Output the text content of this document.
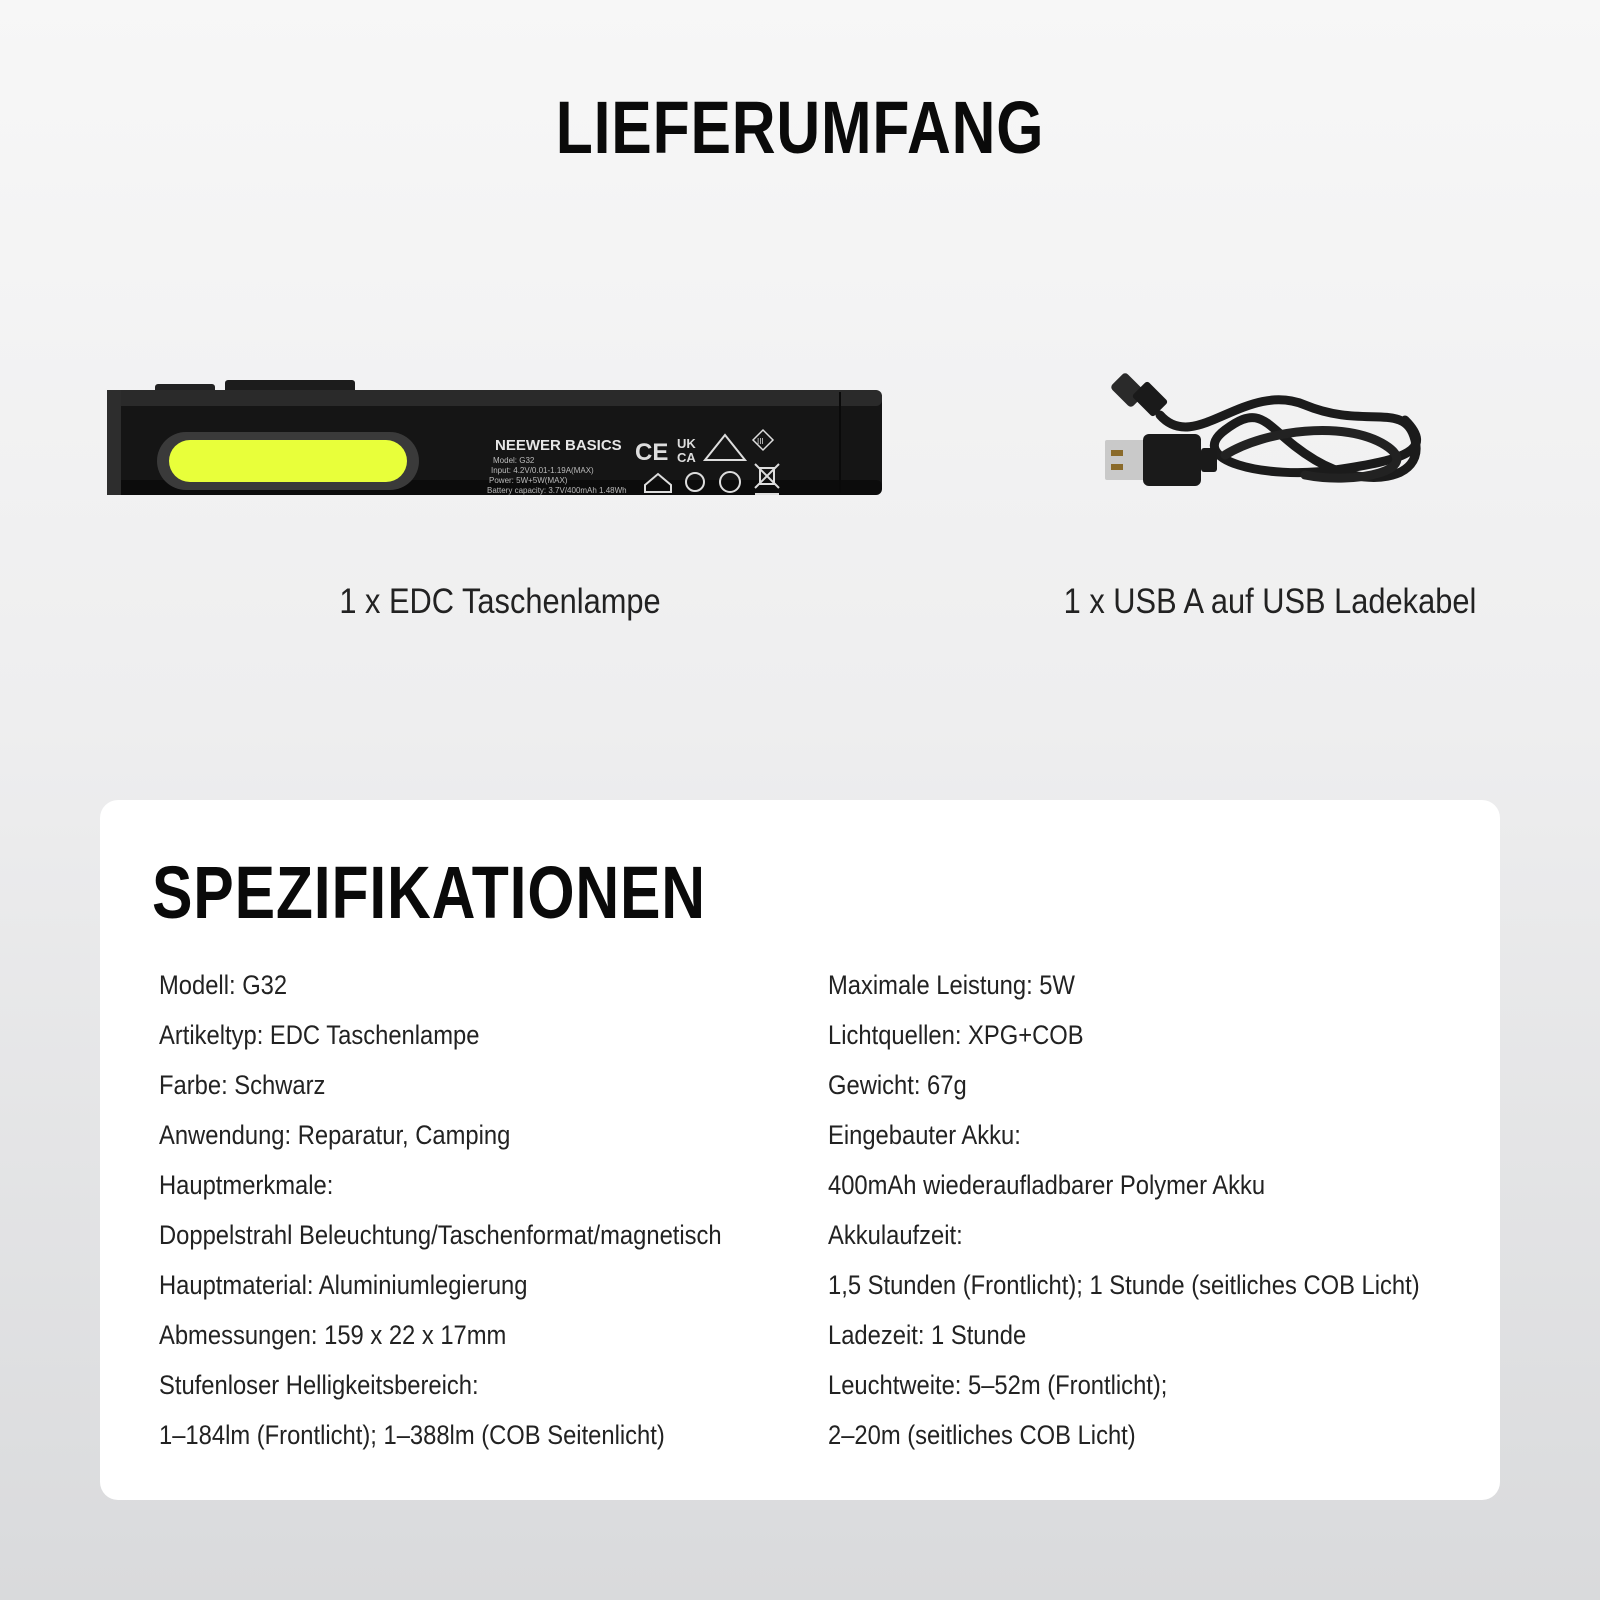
LIEFERUMFANG
NEEWER BASICS
Model: G32
Input: 4.2V/0.01-1.19A(MAX)
Power: 5W+5W(MAX)
Battery capacity: 3.7V/400mAh 1.48Wh
CE UK
CA
III
1 x EDC Taschenlampe	1 x USB A auf USB Ladekabel
SPEZIFIKATIONEN
Modell: G32
Artikeltyp: EDC Taschenlampe
Farbe: Schwarz
Anwendung: Reparatur, Camping
Hauptmerkmale:
Doppelstrahl Beleuchtung/Taschenformat/magnetisch
Hauptmaterial: Aluminiumlegierung
Abmessungen: 159 x 22 x 17mm
Stufenloser Helligkeitsbereich:
1–184lm (Frontlicht); 1–388lm (COB Seitenlicht)
Maximale Leistung: 5W
Lichtquellen: XPG+COB
Gewicht: 67g
Eingebauter Akku:
400mAh wiederaufladbarer Polymer Akku
Akkulaufzeit:
1,5 Stunden (Frontlicht); 1 Stunde (seitliches COB Licht)
Ladezeit: 1 Stunde
Leuchtweite: 5–52m (Frontlicht);
2–20m (seitliches COB Licht)
